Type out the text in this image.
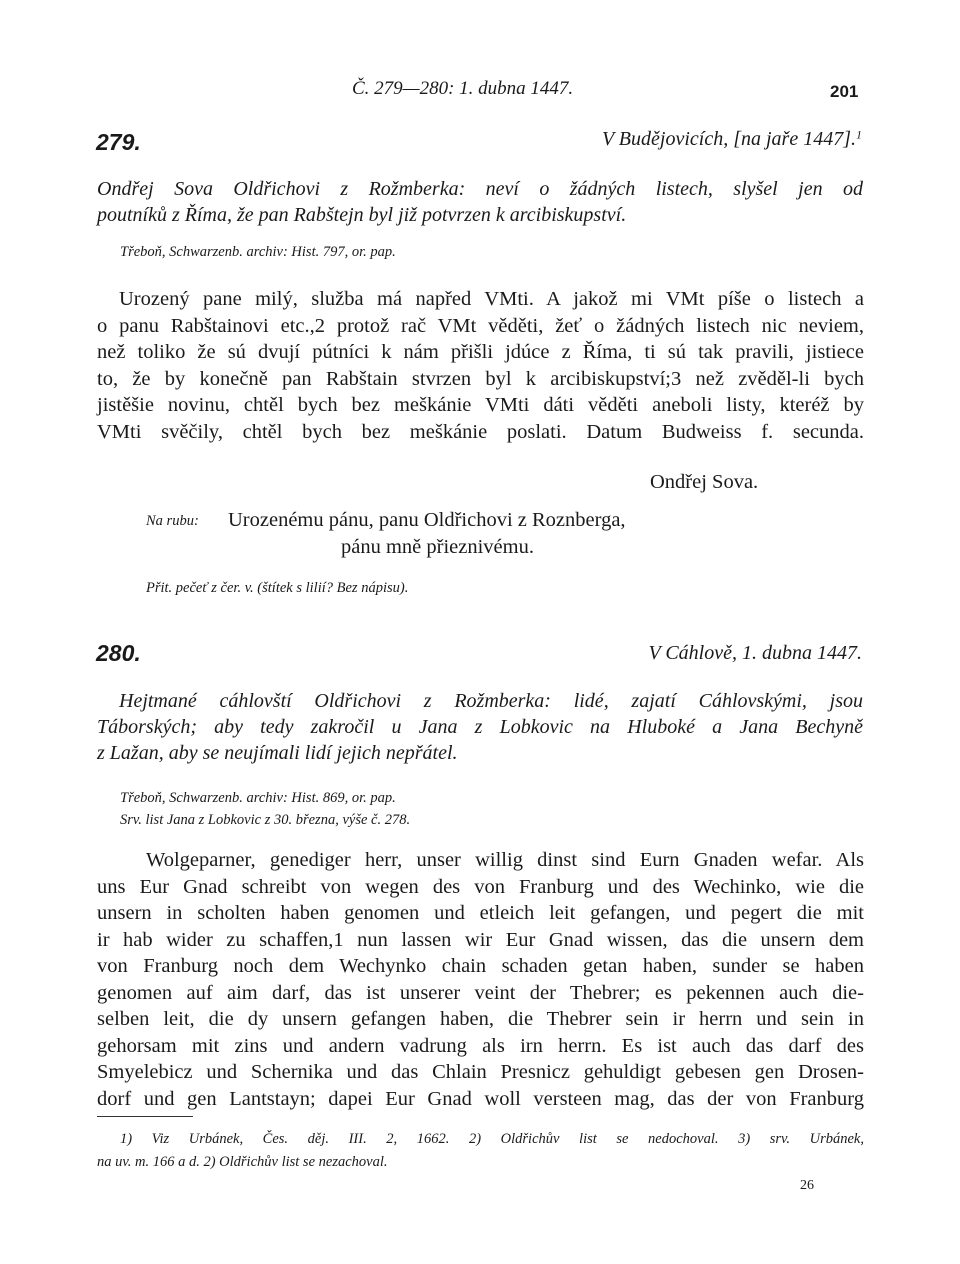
Č. 279—280: 1. dubna 1447.	201
279.	V Budějovicích, [na jaře 1447].$^1$
Ondřej Sova Oldřichovi z Rožmberka: neví o žádných listech, slyšel jen od
poutníků z Říma, že pan Rabštejn byl již potvrzen k arcibiskupství.
Třeboň, Schwarzenb. archiv: Hist. 797, or. pap.
Urozený pane milý, služba má napřed VMti. A jakož mi VMt píše o listech a
o panu Rabštainovi etc.,2 protož rač VMt věděti, žeť o žádných listech nic neviem,
než toliko že sú dvují pútníci k nám přišli jdúce z Říma, ti sú tak pravili, jistiece
to, že by konečně pan Rabštain stvrzen byl k arcibiskupství;3 než zvěděl-li bych
jistěšie novinu, chtěl bych bez meškánie VMti dáti věděti aneboli listy, kteréž by
VMti svěčily, chtěl bych bez meškánie poslati. Datum Budweiss f. secunda.
Ondřej Sova.
Na rubu: Urozenému pánu, panu Oldřichovi z Roznberga,
pánu mně přieznivému.
Přit. pečeť z čer. v. (štítek s lilií? Bez nápisu).
280.	V Cáhlově, 1. dubna 1447.
Hejtmané cáhlovští Oldřichovi z Rožmberka: lidé, zajatí Cáhlovskými, jsou
Táborských; aby tedy zakročil u Jana z Lobkovic na Hluboké a Jana Bechyně
z Lažan, aby se neujímali lidí jejich nepřátel.
Třeboň, Schwarzenb. archiv: Hist. 869, or. pap.
Srv. list Jana z Lobkovic z 30. března, výše č. 278.
Wolgeparner, genediger herr, unser willig dinst sind Eurn Gnaden wefar. Als
uns Eur Gnad schreibt von wegen des von Franburg und des Wechinko, wie die
unsern in scholten haben genomen und etleich leit gefangen, und pegert die mit
ir hab wider zu schaffen,1 nun lassen wir Eur Gnad wissen, das die unsern dem
von Franburg noch dem Wechynko chain schaden getan haben, sunder se haben
genomen auf aim darf, das ist unserer veint der Thebrer; es pekennen auch die-
selben leit, die dy unsern gefangen haben, die Thebrer sein ir herrn und sein in
gehorsam mit zins und andern vadrung als irn herrn. Es ist auch das darf des
Smyelebicz und Schernika und das Chlain Presnicz gehuldigt gebesen gen Drosen-
dorf und gen Lantstayn; dapei Eur Gnad woll versteen mag, das der von Franburg
1) Viz Urbánek, Čes. děj. III. 2, 1662. 2) Oldřichův list se nedochoval. 3) srv. Urbánek,
na uv. m. 166 a d. 2) Oldřichův list se nezachoval.
26
